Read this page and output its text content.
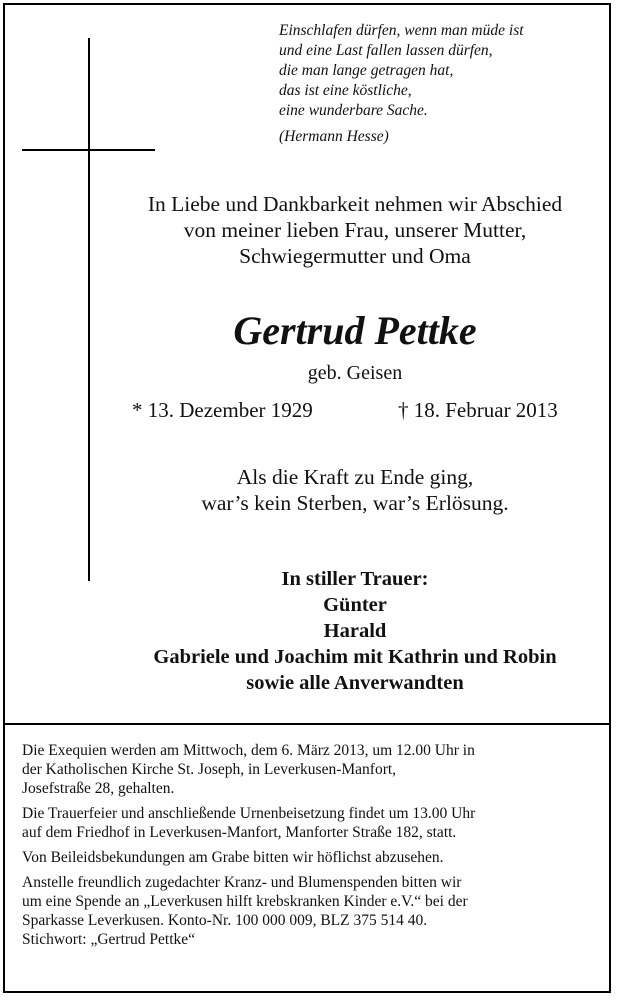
Einschlafen dürfen, wenn man müde ist
und eine Last fallen lassen dürfen,
die man lange getragen hat,
das ist eine köstliche,
eine wunderbare Sache.
(Hermann Hesse)
In Liebe und Dankbarkeit nehmen wir Abschied
von meiner lieben Frau, unserer Mutter,
Schwiegermutter und Oma
Gertrud Pettke
geb. Geisen
* 13. Dezember 1929	† 18. Februar 2013
Als die Kraft zu Ende ging,
war’s kein Sterben, war’s Erlösung.
In stiller Trauer:
Günter
Harald
Gabriele und Joachim mit Kathrin und Robin
sowie alle Anverwandten
Die Exequien werden am Mittwoch, dem 6. März 2013, um 12.00 Uhr in
der Katholischen Kirche St. Joseph, in Leverkusen-Manfort,
Josefstraße 28, gehalten.
Die Trauerfeier und anschließende Urnenbeisetzung findet um 13.00 Uhr
auf dem Friedhof in Leverkusen-Manfort, Manforter Straße 182, statt.
Von Beileidsbekundungen am Grabe bitten wir höflichst abzusehen.
Anstelle freundlich zugedachter Kranz- und Blumenspenden bitten wir
um eine Spende an „Leverkusen hilft krebskranken Kinder e.V.“ bei der
Sparkasse Leverkusen. Konto-Nr. 100 000 009, BLZ 375 514 40.
Stichwort: „Gertrud Pettke“
